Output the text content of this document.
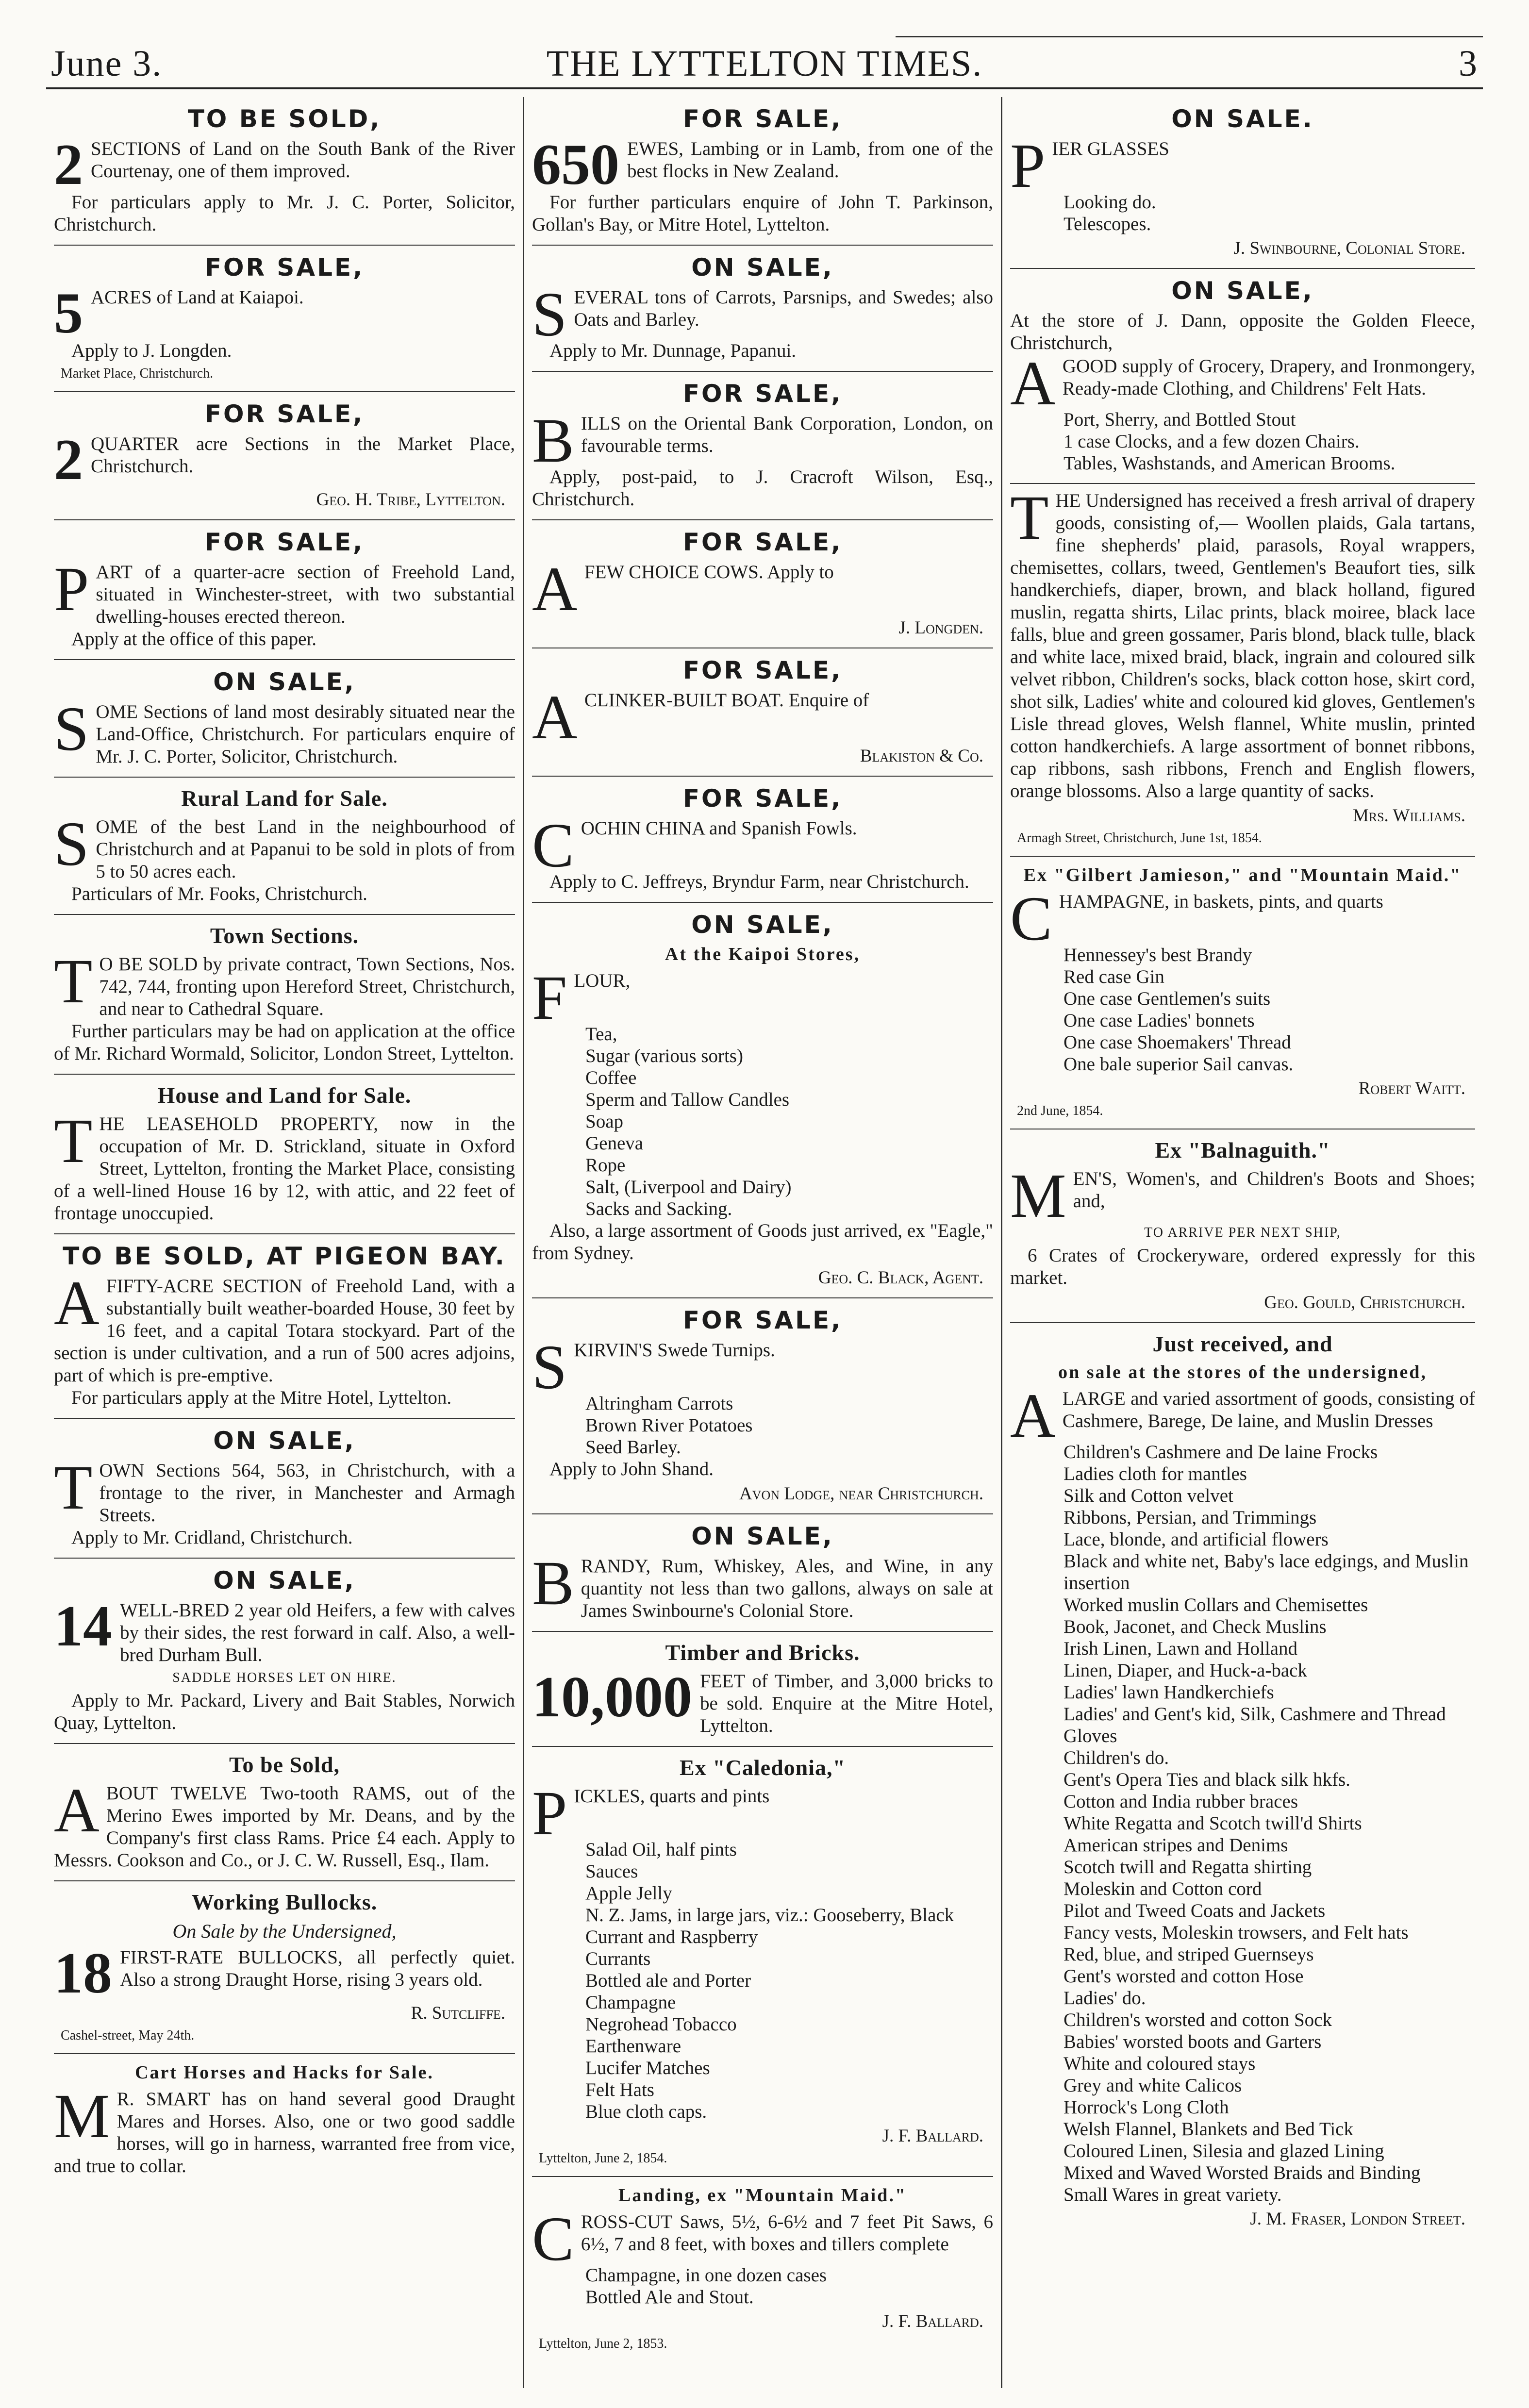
June 3.	THE LYTTELTON TIMES.	3
TO BE SOLD,

2 SECTIONS of Land on the South Bank of the River Courtenay, one of them improved.

For particulars apply to Mr. J. C. Porter, Solicitor, Christchurch.

FOR SALE,

5 ACRES of Land at Kaiapoi.

Apply to J. Longden.

Market Place, Christchurch.
FOR SALE,

2 QUARTER acre Sections in the Market Place, Christchurch.

Geo. H. Tribe, Lyttelton.
FOR SALE,

PART of a quarter-acre section of Freehold Land, situated in Winchester-street, with two substantial dwelling-houses erected thereon.

Apply at the office of this paper.

ON SALE,

SOME Sections of land most desirably situated near the Land-Office, Christchurch. For particulars enquire of Mr. J. C. Porter, Solicitor, Christchurch.

Rural Land for Sale.

SOME of the best Land in the neighbourhood of Christchurch and at Papanui to be sold in plots of from 5 to 50 acres each.

Particulars of Mr. Fooks, Christchurch.

Town Sections.

T O BE SOLD by private contract, Town Sections, Nos. 742, 744, fronting upon Hereford Street, Christchurch, and near to Cathedral Square.

Further particulars may be had on application at the office of Mr. Richard Wormald, Solicitor, London Street, Lyttelton.

House and Land for Sale.

THE LEASEHOLD PROPERTY, now in the occupation of Mr. D. Strickland, situate in Oxford Street, Lyttelton, fronting the Market Place, consisting of a well-lined House 16 by 12, with attic, and 22 feet of frontage unoccupied.

TO BE SOLD, AT PIGEON BAY.

AFIFTY-ACRE SECTION of Freehold Land, with a substantially built weather-boarded House, 30 feet by 16 feet, and a capital Totara stockyard. Part of the section is under cultivation, and a run of 500 acres adjoins, part of which is pre-emptive.

For particulars apply at the Mitre Hotel, Lyttelton.

ON SALE,

TOWN Sections 564, 563, in Christchurch, with a frontage to the river, in Manchester and Armagh Streets.

Apply to Mr. Cridland, Christchurch.

ON SALE,

14 WELL-BRED 2 year old Heifers, a few with calves by their sides, the rest forward in calf. Also, a well-bred Durham Bull.

SADDLE HORSES LET ON HIRE.

Apply to Mr. Packard, Livery and Bait Stables, Norwich Quay, Lyttelton.

To be Sold,

ABOUT TWELVE Two-tooth RAMS, out of the Merino Ewes imported by Mr. Deans, and by the Company's first class Rams. Price £4 each. Apply to Messrs. Cookson and Co., or J. C. W. Russell, Esq., Ilam.

Working Bullocks.
On Sale by the Undersigned,

18 FIRST-RATE BULLOCKS, all perfectly quiet. Also a strong Draught Horse, rising 3 years old.

R. Sutcliffe.
Cashel-street, May 24th.
Cart Horses and Hacks for Sale.

M R. SMART has on hand several good Draught Mares and Horses. Also, one or two good saddle horses, will go in harness, warranted free from vice, and true to collar.

FOR SALE,

650 EWES, Lambing or in Lamb, from one of the best flocks in New Zealand.

For further particulars enquire of John T. Parkinson, Gollan's Bay, or Mitre Hotel, Lyttelton.

ON SALE,

SEVERAL tons of Carrots, Parsnips, and Swedes; also Oats and Barley.

Apply to Mr. Dunnage, Papanui.

FOR SALE,

BILLS on the Oriental Bank Corporation, London, on favourable terms.

Apply, post-paid, to J. Cracroft Wilson, Esq., Christchurch.

FOR SALE,

AFEW CHOICE COWS. Apply to

J. Longden.
FOR SALE,

ACLINKER-BUILT BOAT. Enquire of

Blakiston & Co.
FOR SALE,

COCHIN CHINA and Spanish Fowls.

Apply to C. Jeffreys, Bryndur Farm, near Christchurch.

ON SALE,
At the Kaipoi Stores,

FLOUR,

Tea,
Sugar (various sorts)
Coffee
Sperm and Tallow Candles
Soap
Geneva
Rope
Salt, (Liverpool and Dairy)
Sacks and Sacking.

Also, a large assortment of Goods just arrived, ex "Eagle," from Sydney.

Geo. C. Black, Agent.
FOR SALE,

SKIRVIN'S Swede Turnips.

Altringham Carrots
Brown River Potatoes
Seed Barley.

Apply to John Shand.

Avon Lodge, near Christchurch.
ON SALE,

BRANDY, Rum, Whiskey, Ales, and Wine, in any quantity not less than two gallons, always on sale at James Swinbourne's Colonial Store.

Timber and Bricks.

10,000 FEET of Timber, and 3,000 bricks to be sold. Enquire at the Mitre Hotel, Lyttelton.

Ex "Caledonia,"

PICKLES, quarts and pints

Salad Oil, half pints
Sauces
Apple Jelly
N. Z. Jams, in large jars, viz.: Gooseberry, Black Currant and Raspberry
Currants
Bottled ale and Porter
Champagne
Negrohead Tobacco
Earthenware
Lucifer Matches
Felt Hats
Blue cloth caps.
J. F. Ballard.
Lyttelton, June 2, 1854.
Landing, ex "Mountain Maid."

CROSS-CUT Saws, 5½, 6-6½ and 7 feet Pit Saws, 6 6½, 7 and 8 feet, with boxes and tillers complete

Champagne, in one dozen cases
Bottled Ale and Stout.
J. F. Ballard.
Lyttelton, June 2, 1853.
ON SALE.

PIER GLASSES

Looking do.
Telescopes.
J. Swinbourne, Colonial Store.
ON SALE,

At the store of J. Dann, opposite the Golden Fleece, Christchurch,

AGOOD supply of Grocery, Drapery, and Ironmongery, Ready-made Clothing, and Childrens' Felt Hats.

Port, Sherry, and Bottled Stout
1 case Clocks, and a few dozen Chairs.
Tables, Washstands, and American Brooms.

THE Undersigned has received a fresh arrival of drapery goods, consisting of,— Woollen plaids, Gala tartans, fine shepherds' plaid, parasols, Royal wrappers, chemisettes, collars, tweed, Gentlemen's Beaufort ties, silk handkerchiefs, diaper, brown, and black holland, figured muslin, regatta shirts, Lilac prints, black moiree, black lace falls, blue and green gossamer, Paris blond, black tulle, black and white lace, mixed braid, black, ingrain and coloured silk velvet ribbon, Children's socks, black cotton hose, skirt cord, shot silk, Ladies' white and coloured kid gloves, Gentlemen's Lisle thread gloves, Welsh flannel, White muslin, printed cotton handkerchiefs. A large assortment of bonnet ribbons, cap ribbons, sash ribbons, French and English flowers, orange blossoms. Also a large quantity of sacks.

Mrs. Williams.
Armagh Street, Christchurch, June 1st, 1854.
Ex "Gilbert Jamieson," and "Mountain Maid."

CHAMPAGNE, in baskets, pints, and quarts

Hennessey's best Brandy
Red case Gin
One case Gentlemen's suits
One case Ladies' bonnets
One case Shoemakers' Thread
One bale superior Sail canvas.
Robert Waitt.
2nd June, 1854.
Ex "Balnaguith."

MEN'S, Women's, and Children's Boots and Shoes; and,

TO ARRIVE PER NEXT SHIP,

6 Crates of Crockeryware, ordered expressly for this market.

Geo. Gould, Christchurch.
Just received, and
on sale at the stores of the undersigned,

ALARGE and varied assortment of goods, consisting of Cashmere, Barege, De laine, and Muslin Dresses

Children's Cashmere and De laine Frocks
Ladies cloth for mantles
Silk and Cotton velvet
Ribbons, Persian, and Trimmings
Lace, blonde, and artificial flowers
Black and white net, Baby's lace edgings, and Muslin insertion
Worked muslin Collars and Chemisettes
Book, Jaconet, and Check Muslins
Irish Linen, Lawn and Holland
Linen, Diaper, and Huck-a-back
Ladies' lawn Handkerchiefs
Ladies' and Gent's kid, Silk, Cashmere and Thread Gloves
Children's do.
Gent's Opera Ties and black silk hkfs.
Cotton and India rubber braces
White Regatta and Scotch twill'd Shirts
American stripes and Denims
Scotch twill and Regatta shirting
Moleskin and Cotton cord
Pilot and Tweed Coats and Jackets
Fancy vests, Moleskin trowsers, and Felt hats
Red, blue, and striped Guernseys
Gent's worsted and cotton Hose
Ladies' do.
Children's worsted and cotton Sock
Babies' worsted boots and Garters
White and coloured stays
Grey and white Calicos
Horrock's Long Cloth
Welsh Flannel, Blankets and Bed Tick
Coloured Linen, Silesia and glazed Lining
Mixed and Waved Worsted Braids and Binding
Small Wares in great variety.
J. M. Fraser, London Street.
